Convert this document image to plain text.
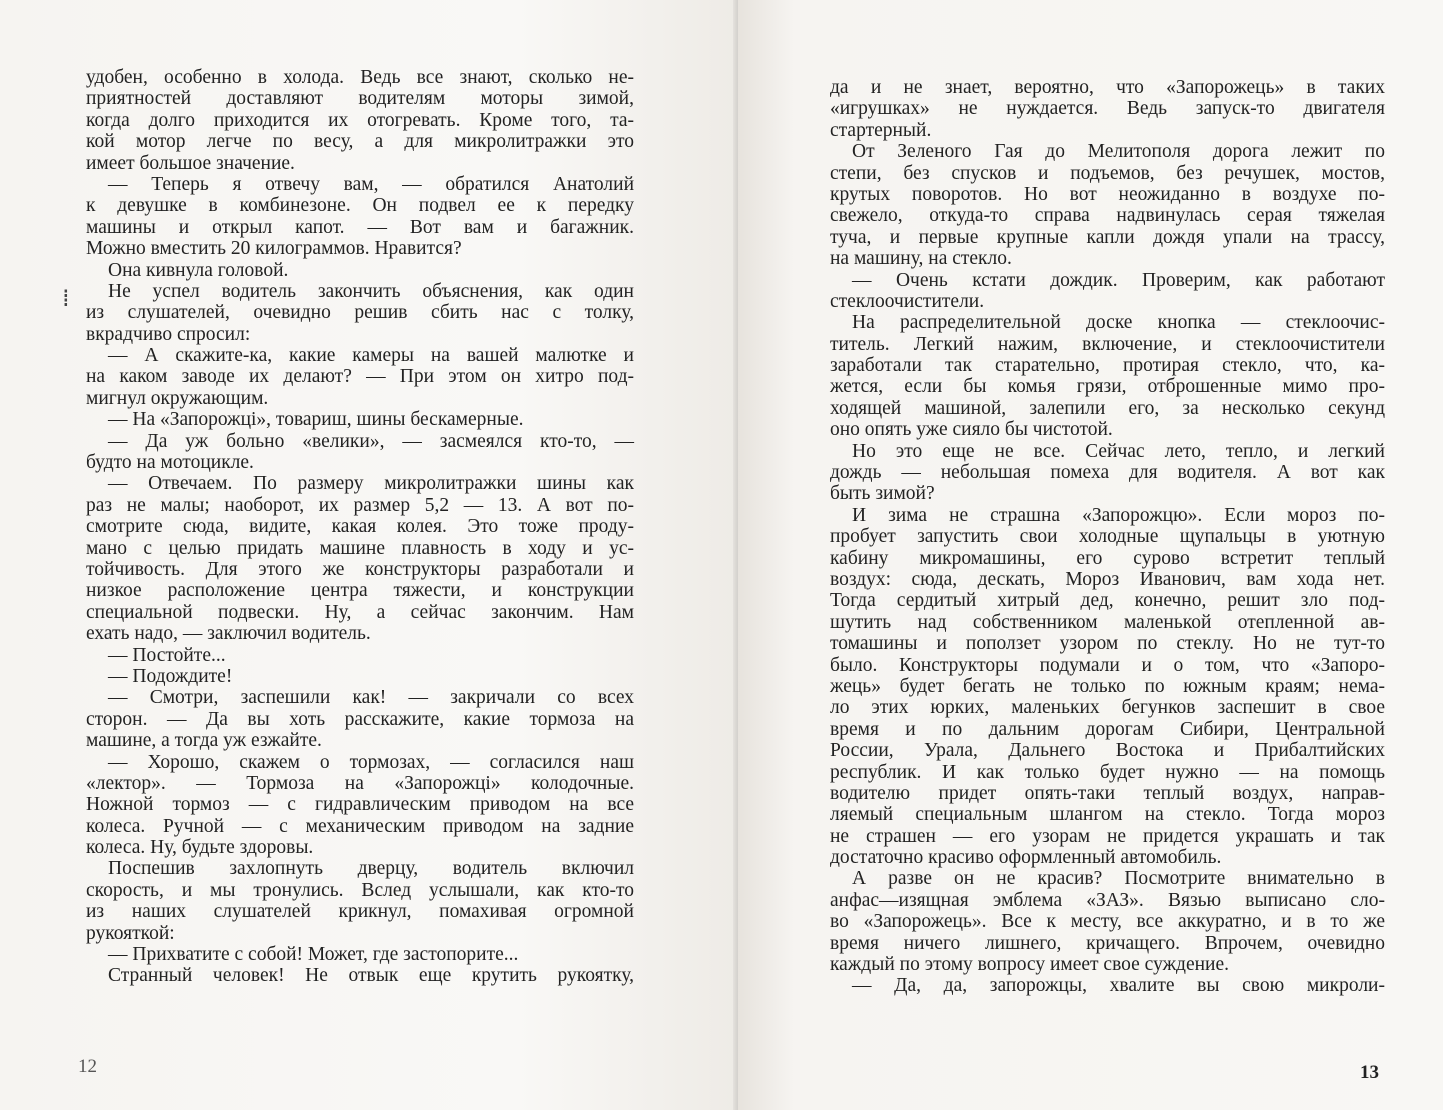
удобен, особенно в холода. Ведь все знают, сколько не-
приятностей доставляют водителям моторы зимой,
когда долго приходится их отогревать. Кроме того, та-
кой мотор легче по весу, а для микролитражки это
имеет большое значение.
— Теперь я отвечу вам, — обратился Анатолий
к девушке в комбинезоне. Он подвел ее к передку
машины и открыл капот. — Вот вам и багажник.
Можно вместить 20 килограммов. Нравится?
Она кивнула головой.
Не успел водитель закончить объяснения, как один
из слушателей, очевидно решив сбить нас с толку,
вкрадчиво спросил:
— А скажите-ка, какие камеры на вашей малютке и
на каком заводе их делают? — При этом он хитро под-
мигнул окружающим.
— На «Запорожці», товариш, шины бескамерные.
— Да уж больно «велики», — засмеялся кто-то, —
будто на мотоцикле.
— Отвечаем. По размеру микролитражки шины как
раз не малы; наоборот, их размер 5,2 — 13. А вот по-
смотрите сюда, видите, какая колея. Это тоже проду-
мано с целью придать машине плавность в ходу и ус-
тойчивость. Для этого же конструкторы разработали и
низкое расположение центра тяжести, и конструкции
специальной подвески. Ну, а сейчас закончим. Нам
ехать надо, — заключил водитель.
— Постойте...
— Подождите!
— Смотри, заспешили как! — закричали со всех
сторон. — Да вы хоть расскажите, какие тормоза на
машине, а тогда уж езжайте.
— Хорошо, скажем о тормозах, — согласился наш
«лектор». — Тормоза на «Запорожці» колодочные.
Ножной тормоз — с гидравлическим приводом на все
колеса. Ручной — с механическим приводом на задние
колеса. Ну, будьте здоровы.
Поспешив захлопнуть дверцу, водитель включил
скорость, и мы тронулись. Вслед услышали, как кто-то
из наших слушателей крикнул, помахивая огромной
рукояткой:
— Прихватите с собой! Может, где застопорите...
Странный человек! Не отвык еще крутить рукоятку,
да и не знает, вероятно, что «Запорожець» в таких
«игрушках» не нуждается. Ведь запуск-то двигателя
стартерный.
От Зеленого Гая до Мелитополя дорога лежит по
степи, без спусков и подъемов, без речушек, мостов,
крутых поворотов. Но вот неожиданно в воздухе по-
свежело, откуда-то справа надвинулась серая тяжелая
туча, и первые крупные капли дождя упали на трассу,
на машину, на стекло.
— Очень кстати дождик. Проверим, как работают
стеклоочистители.
На распределительной доске кнопка — стеклоочис-
титель. Легкий нажим, включение, и стеклоочистители
заработали так старательно, протирая стекло, что, ка-
жется, если бы комья грязи, отброшенные мимо про-
ходящей машиной, залепили его, за несколько секунд
оно опять уже сияло бы чистотой.
Но это еще не все. Сейчас лето, тепло, и легкий
дождь — небольшая помеха для водителя. А вот как
быть зимой?
И зима не страшна «Запорожцю». Если мороз по-
пробует запустить свои холодные щупальцы в уютную
кабину микромашины, его сурово встретит теплый
воздух: сюда, дескать, Мороз Иванович, вам хода нет.
Тогда сердитый хитрый дед, конечно, решит зло под-
шутить над собственником маленькой отепленной ав-
томашины и поползет узором по стеклу. Но не тут-то
было. Конструкторы подумали и о том, что «Запоро-
жець» будет бегать не только по южным краям; нема-
ло этих юрких, маленьких бегунков заспешит в свое
время и по дальним дорогам Сибири, Центральной
России, Урала, Дальнего Востока и Прибалтийских
республик. И как только будет нужно — на помощь
водителю придет опять-таки теплый воздух, направ-
ляемый специальным шлангом на стекло. Тогда мороз
не страшен — его узорам не придется украшать и так
достаточно красиво оформленный автомобиль.
А разве он не красив? Посмотрите внимательно в
анфас—изящная эмблема «ЗАЗ». Вязью выписано сло-
во «Запорожець». Все к месту, все аккуратно, и в то же
время ничего лишнего, кричащего. Впрочем, очевидно
каждый по этому вопросу имеет свое суждение.
— Да, да, запорожцы, хвалите вы свою микроли-
⁞
12	13
